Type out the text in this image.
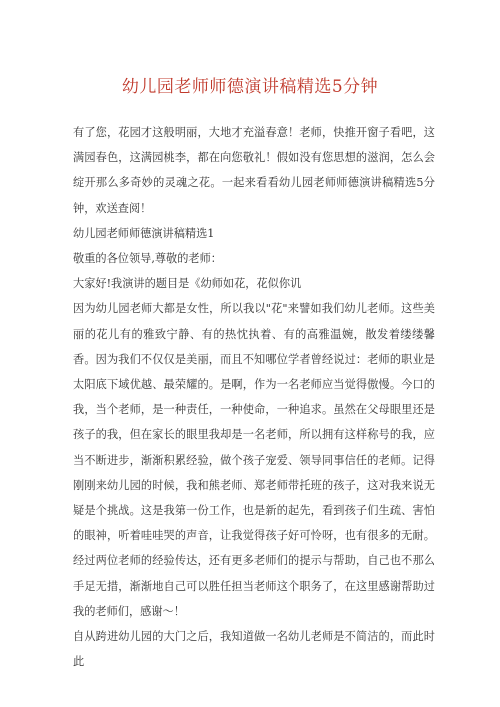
幼儿园老师师德演讲稿精选5分钟

有了您，花园才这般明丽，大地才充溢春意！老师，快推开窗子看吧，这满园春色，这满园桃李，都在向您敬礼！假如没有您思想的滋润，怎么会绽开那么多奇妙的灵魂之花。一起来看看幼儿园老师师德演讲稿精选5分钟，欢送查阅！

幼儿园老师师德演讲稿精选1

敬重的各位领导,尊敬的老师：

大家好!我演讲的题目是《幼师如花，花似你讥

因为幼儿园老师大都是女性，所以我以"花"来譬如我们幼儿老师。这些美丽的花儿有的雅致宁静、有的热忱执着、有的高雅温婉，散发着缕缕馨香。因为我们不仅仅是美丽，而且不知哪位学者曾经说过：老师的职业是太阳底下域优越、最荣耀的。是啊，作为一名老师应当觉得傲慢。今口的我，当个老师，是一种责任，一种使命，一种追求。虽然在父母眼里还是孩子的我，但在家长的眼里我却是一名老师，所以拥有这样称号的我，应当不断进步，渐渐积累经验，做个孩子宠爱、领导同事信任的老师。记得刚刚来幼儿园的时候，我和熊老师、郑老师带托班的孩子，这对我来说无疑是个挑战。这是我第一份工作，也是新的起先，看到孩子们生疏、害怕的眼神，听着哇哇哭的声音，让我觉得孩子好可怜呀，也有很多的无耐。经过两位老师的经验传达，还有更多老师们的提示与帮助，自己也不那么手足无措，渐渐地自己可以胜任担当老师这个职务了，在这里感谢帮助过我的老师们，感谢～！

自从跨进幼儿园的大门之后，我知道做一名幼儿老师是不简洁的，而此时此
